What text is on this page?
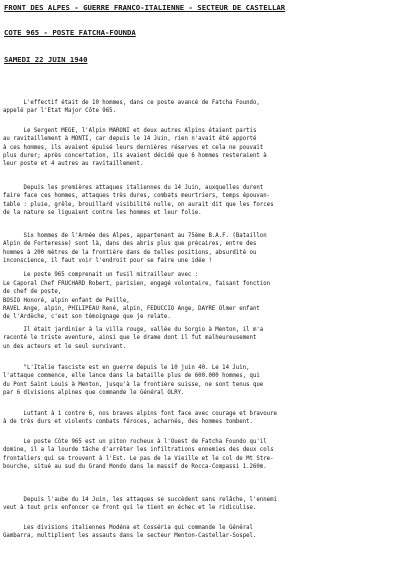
FRONT DES ALPES - GUERRE FRANCO-ITALIENNE - SECTEUR DE CASTELLAR
COTE 965 - POSTE FATCHA-FOUNDA
SAMEDI 22 JUIN 1940

L'effectif était de 10 hommes, dans ce poste avancé de Fatcha Foundo,
appelé par l'Etat Major Côte 965.

Le Sergent MEGE, l'Alpin MARONI et deux autres Alpins étaient partis
au ravitaillement à MONTI, car depuis le 14 Juin, rien n'avait été apporté
à ces hommes, ils avaient épuisé leurs dernières réserves et cela ne pouvait
plus durer; après concertation, ils avaient décidé que 6 hommes resteraient à
leur poste et 4 autres au ravitaillement.

Depuis les premières attaques italiennes du 14 Juin, auxquelles durent
faire face ces hommes, attaques très dures, combats meurtriers, temps épouvan-
table : pluie, grêle, brouillard visibilité nulle, on aurait dit que les forces
de la nature se liguaient contre les hommes et leur folie.

Six hommes de l'Armée des Alpes, appartenant au 75ème B.A.F. (Bataillon
Alpin de Forteresse) sont là, dans des abris plus que précaires, entre des
hommes à 200 mètres de la frontière dans de telles positions, absurdité ou
inconscience, il faut voir l'endroit pour se faire une idée !

Le poste 965 comprenait un fusil mitrailleur avec :

Le Caporal Chef FRUCHARD Robert, parisien, engagé volontaire, faisant fonction
de chef de poste,
BOSIO Honoré, alpin enfant de Peille,
RAVEL Ange, alpin, PHILIPEAU René, alpin, FEDUCCIO Ange, DAYRE Olmer enfant
de l'Ardèche, c'est son témoignage que je relate.

Il était jardinier à la villa rouge, vallée du Sorgio à Menton, il m'a
raconté le triste aventure, ainsi que le drame dont il fut malheureusement
un des acteurs et le seul survivant.

"L'Italie fasciste est en guerre depuis le 10 juin 40. Le 14 Juin,
l'attaque commence, elle lance dans la bataille plus de 600.000 hommes, qui
du Pont Saint Louis à Menton, jusqu'à la frontière suisse, ne sont tenus que
par 6 divisions alpines que commande le Général OLRY.

Luttant à 1 contre 6, nos braves alpins font face avec courage et bravoure
à de très durs et violents combats féroces, acharnés, des hommes tombent.

Le poste Côte 965 est un piton rocheux à l'Ouest de Fatcha Foundo qu'il
domine, il a la lourde tâche d'arrêter les infiltrations ennemies des deux cols
frontaliers qui se trouvent à l'Est. Le pas de la Vieille et le col de Mt Stre-
bourche, situé au sud du Grand Mondo dans le massif de Rocca-Compassi 1.260m.

Depuis l'aube du 14 Juin, les attaques se succèdent sans relâche, l'ennemi
veut à tout prix enfoncer ce front qui le tient en échec et le ridiculise.

Les divisions italiennes Modéna et Cosséria qui commande le Général
Gambarra, multiplient les assauts dans le secteur Menton-Castellar-Sospel.
